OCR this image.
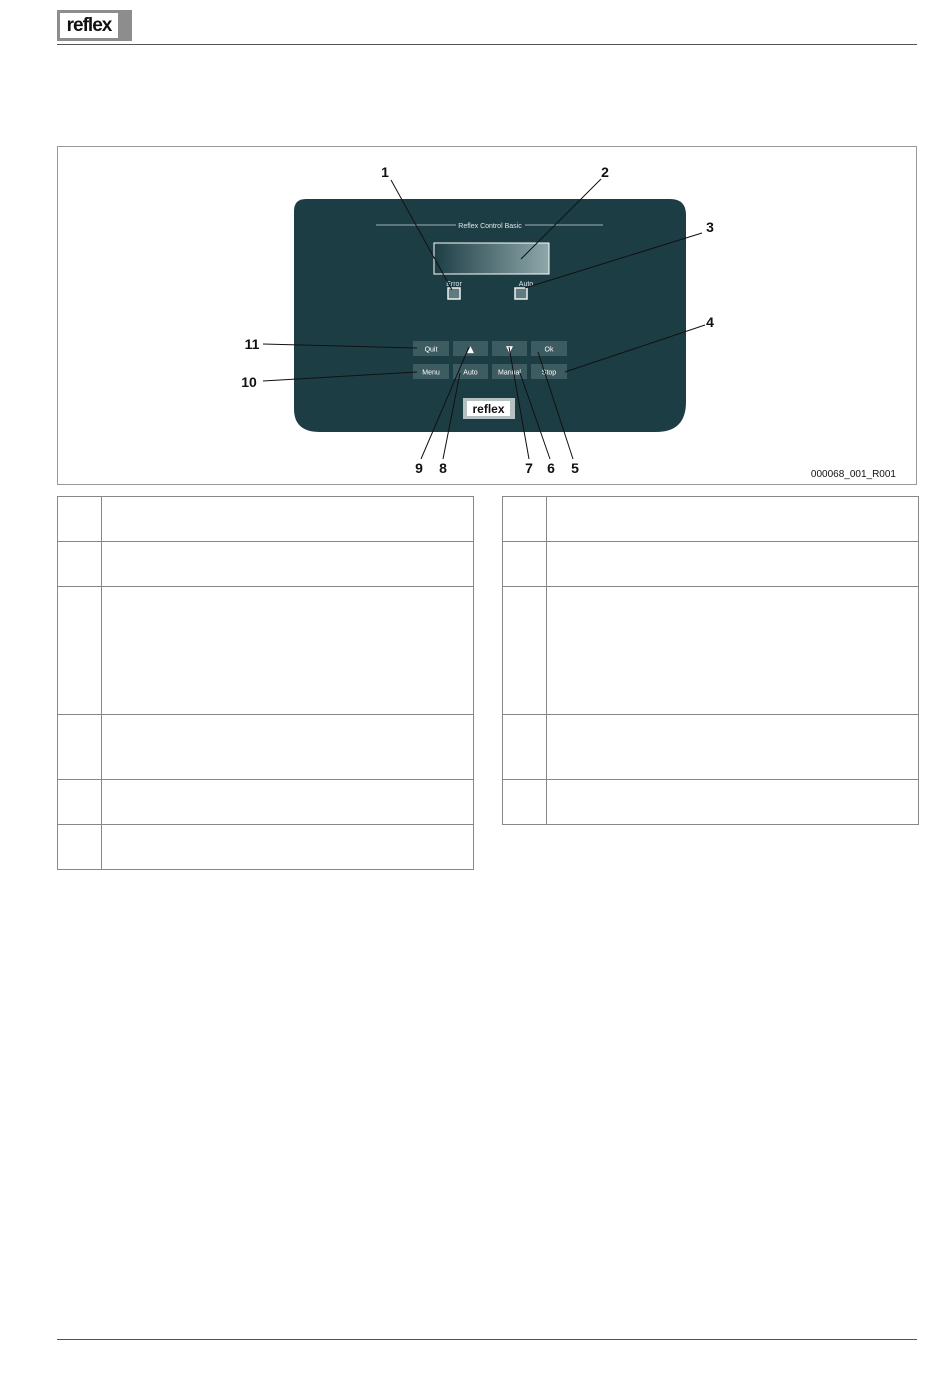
reflex
Reflex Control Basic
Error	Auto
Quit	▲	▼	Ok
Menu	Auto	Manual	Stop
reflex
1	2
3
4
5
6
7
8
9
10
11
000068_001_R001
